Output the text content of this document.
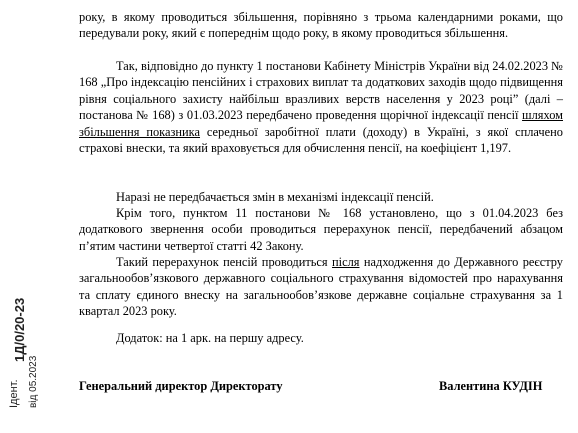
року, в якому проводиться збільшення, порівняно з трьома календарними роками, що передували року, який є попереднім щодо року, в якому проводиться збільшення.

Так, відповідно до пункту 1 постанови Кабінету Міністрів України від 24.02.2023 № 168 „Про індексацію пенсійних і страхових виплат та додаткових заходів щодо підвищення рівня соціального захисту найбільш вразливих верств населення у 2023 році” (далі – постанова № 168) з 01.03.2023 передбачено проведення щорічної індексації пенсії шляхом збільшення показника середньої заробітної плати (доходу) в Україні, з якої сплачено страхові внески, та який враховується для обчислення пенсії, на коефіцієнт 1,197.

Наразі не передбачається змін в механізмі індексації пенсій.

Крім того, пунктом 11 постанови № 168 установлено, що з 01.04.2023 без додаткового звернення особи проводиться перерахунок пенсії, передбачений абзацом п’ятим частини четвертої статті 42 Закону.

Такий перерахунок пенсій проводиться після надходження до Державного реєстру загальнообов’язкового державного соціального страхування відомостей про нарахування та сплату єдиного внеску на загальнообов’язкове державне соціальне страхування за 1 квартал 2023 року.

Додаток: на 1 арк. на першу адресу.
Генеральний директор Директорату	Валентина КУДІН
Ідент.
1Д/0/20-23
від 05.2023
